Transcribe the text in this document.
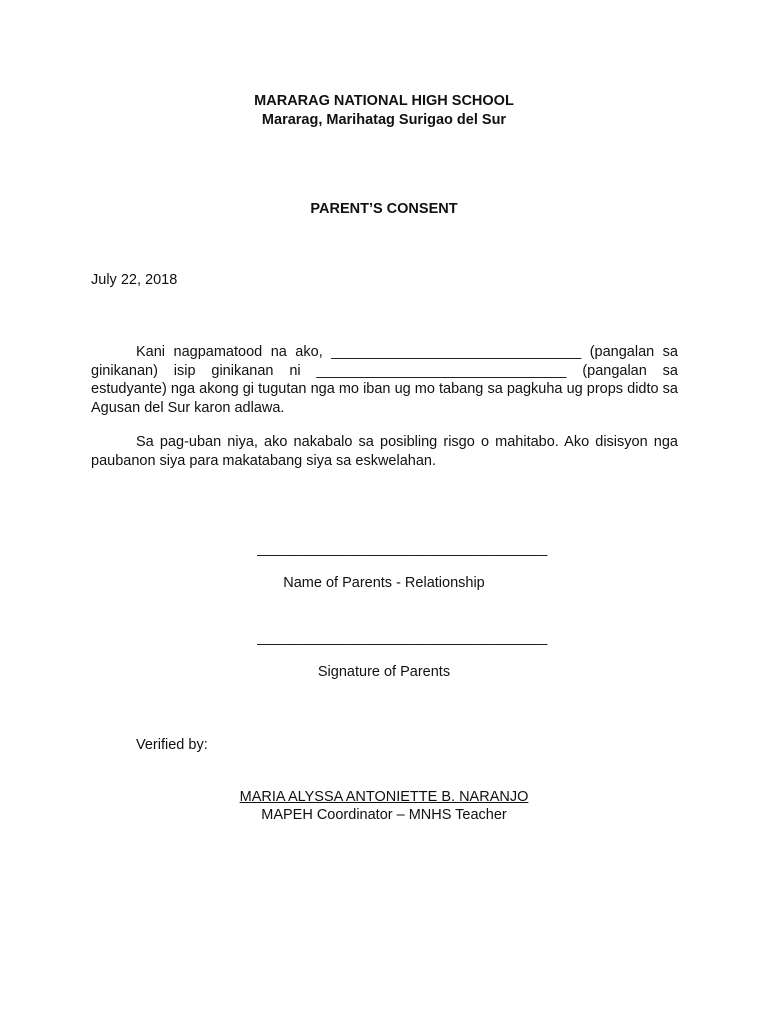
MARARAG NATIONAL HIGH SCHOOL
Mararag, Marihatag Surigao del Sur
PARENT’S CONSENT
July 22, 2018
Kani nagpamatood na ako, _______________________________ (pangalan sa ginikanan) isip ginikanan ni _______________________________ (pangalan sa estudyante) nga akong gi tugutan nga mo iban ug mo tabang sa pagkuha ug props didto sa Agusan del Sur karon adlawa.
Sa pag-uban niya, ako nakabalo sa posibling risgo o mahitabo. Ako disisyon nga paubanon siya para makatabang siya sa eskwelahan.
____________________________________
Name of Parents - Relationship
____________________________________
Signature of Parents
Verified by:
MARIA ALYSSA ANTONIETTE B. NARANJO
MAPEH Coordinator – MNHS Teacher
